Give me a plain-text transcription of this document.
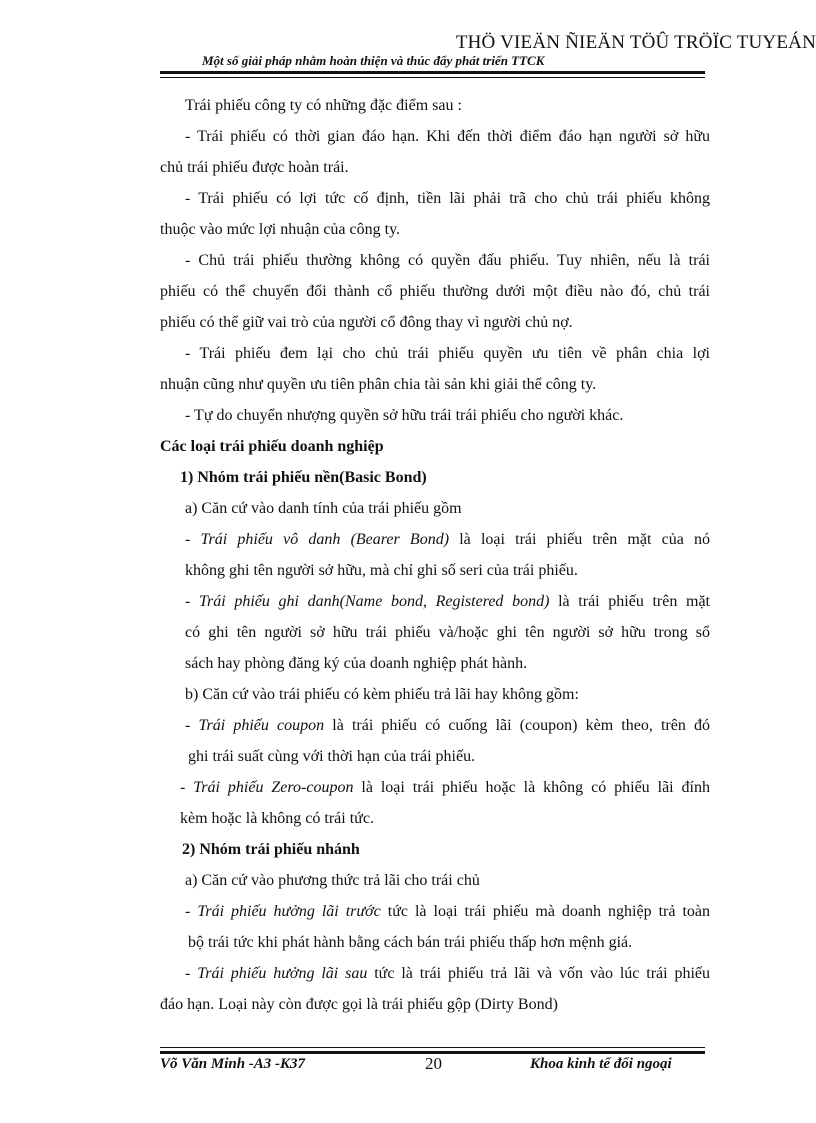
THÖ VIEÄN ÑIEÄN TÖÛ TRÖÏC TUYEÁN
Một số giải pháp nhằm hoàn thiện và thúc đẩy phát triển TTCK
Trái phiếu công ty có những đặc điểm sau :
- Trái phiếu có thời gian đáo hạn. Khi đến thời điểm đáo hạn người sở hữu
chủ trái phiếu được hoàn trái.
- Trái phiếu có lợi tức cố định, tiền lãi phải trã cho chủ trái phiếu không
thuộc vào mức lợi nhuận của công ty.
- Chủ trái phiếu thường không có quyền đấu phiếu. Tuy nhiên, nếu là trái
phiếu có thể chuyển đổi thành cổ phiếu thường dưới một điều nào đó, chủ trái
phiếu có thể giữ vai trò của người cổ đông thay vì người chủ nợ.
- Trái phiếu đem lại cho chủ trái phiếu quyền ưu tiên về phân chia lợi
nhuận cũng như quyền ưu tiên phân chia tài sản khi giải thể công ty.
- Tự do chuyển nhượng quyền sở hữu trái trái phiếu cho người khác.
Các loại trái phiếu doanh nghiệp
1) Nhóm trái phiếu nền(Basic Bond)
a) Căn cứ vào danh tính của trái phiếu gồm
- Trái phiếu vô danh (Bearer Bond) là loại trái phiếu trên mặt của nó
không ghi tên người sở hữu, mà chỉ ghi số seri của trái phiếu.
- Trái phiếu ghi danh(Name bond, Registered bond) là trái phiếu trên mặt
có ghi tên người sở hữu trái phiếu và/hoặc ghi tên người sở hữu trong sổ
sách hay phòng đăng ký của doanh nghiệp phát hành.
b) Căn cứ vào trái phiếu có kèm phiếu trả lãi hay không gồm:
- Trái phiếu coupon là trái phiếu có cuống lãi (coupon) kèm theo, trên đó
ghi trái suất cùng với thời hạn của trái phiếu.
- Trái phiếu Zero-coupon là loại trái phiếu hoặc là không có phiếu lãi đính
kèm hoặc là không có trái tức.
2) Nhóm trái phiếu nhánh
a) Căn cứ vào phương thức trả lãi cho trái chủ
- Trái phiếu hưởng lãi trước tức là loại trái phiếu mà doanh nghiệp trả toàn
bộ trái tức khi phát hành bằng cách bán trái phiếu thấp hơn mệnh giá.
- Trái phiếu hưởng lãi sau tức là trái phiếu trả lãi và vốn vào lúc trái phiếu
đáo hạn. Loại này còn được gọi là trái phiếu gộp (Dirty Bond)
Võ Văn Minh -A3 -K37	20	Khoa kinh tế đối ngoại
